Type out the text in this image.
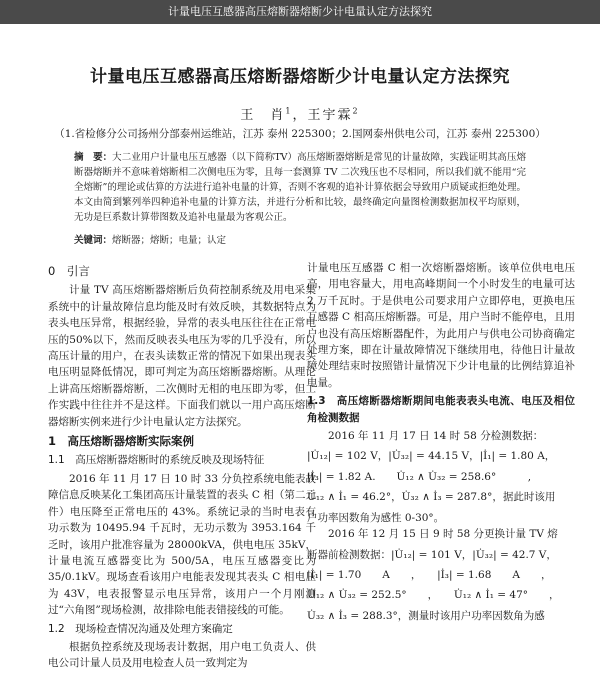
计量电压互感器高压熔断器熔断少计电量认定方法探究
计量电压互感器高压熔断器熔断少计电量认定方法探究
王　肖$^1$，王宇霖$^2$
（1.省检修分公司扬州分部泰州运维站，江苏 泰州 225300；2.国网泰州供电公司，江苏 泰州 225300）
摘　要：大二业用户计量电压互感器（以下简称TV）高压熔断器熔断是常见的计量故障，实践证明其高压熔断器熔断并不意味着熔断相二次侧电压为零，且每一套测算 TV 二次残压也不尽相同，所以我们就不能用“完全熔断”的理论或估算的方法进行追补电量的计算，否则不客观的追补计算依据会导致用户质疑或拒绝处理。本文由简到繁列举四种追补电量的计算方法，并进行分析和比较，最终确定向量图检测数据加权平均原则，无功是巨系数计算带图数及追补电量最为客观公正。
关键词：熔断器；熔断；电量；认定

0　引言

计量 TV 高压熔断器熔断后负荷控制系统及用电采集系统中的计量故障信息均能及时有效反映，其数据特点为表头电压异常，根据经验，异常的表头电压往往在正常电压的50%以下，然而反映表头电压为零的几乎没有，所以高压计量的用户，在表头读数正常的情况下如果出现表头电压明显降低情况，即可判定为高压熔断器熔断。从理论上讲高压熔断器熔断，二次侧时无相的电压即为零，但工作实践中往往并不是这样。下面我们就以一用户高压熔断器熔断实例来进行少计电量认定方法探究。

1　高压熔断器熔断实际案例

1.1　高压熔断器熔断时的系统反映及现场特征

2016 年 11 月 17 日 10 时 33 分负控系统电能表故障信息反映某化工集团高压计量装置的表头 C 相（第二元件）电压降至正常电压的 43%。系统记录的当时电表有功示数为 10495.94 千瓦时，无功示数为 3953.164 千乏时，该用户批准容量为 28000kVA，供电电压 35kV，计量电流互感器变比为 500/5A，电压互感器变比为 35/0.1kV。现场查看该用户电能表发现其表头 C 相电压为 43V，电表报警显示电压异常，该用户一个月刚测过“六角图”现场检测，故排除电能表错接线的可能。

1.2　现场检查情况沟通及处理方案确定

根据负控系统及现场表计数据，用户电工负责人、供电公司计量人员及用电检查人员一致判定为

计量电压互感器 C 相一次熔断器熔断。该单位供电电压高，用电容量大，用电高峰期间一个小时发生的电量可达 2 万千瓦时。于是供电公司要求用户立即停电，更换电压互感器 C 相高压熔断器。可是，用户当时不能停电，且用户也没有高压熔断器配件，为此用户与供电公司协商确定处理方案，即在计量故障情况下继续用电，待他日计量故障处理结束时按照错计量情况下少计电量的比例结算追补电量。

1.3　高压熔断器熔断期间电能表表头电流、电压及相位角检测数据

2016 年 11 月 17 日 14 时 58 分检测数据：

|U̇₁₂| = 102 V，|U̇₃₂| = 44.15 V，|İ₁| = 1.80 A，

|İ₃| = 1.82 A.　　U̇₁₂ ∧ U̇₃₂ = 258.6°　　　,

U̇₁₂ ∧ İ₁ = 46.2°，U̇₃₂ ∧ İ₃ = 287.8°，据此时该用

户功率因数角为感性 0-30°。

2016 年 12 月 15 日 9 时 58 分更换计量 TV 熔

断器前检测数据：|U̇₁₂| = 101 V，|U̇₃₂| = 42.7 V，

|İ₁| = 1.70　　A　　，　　|İ₃| = 1.68　　A　　，

U̇₁₂ ∧ U̇₃₂ = 252.5°　　，　　U̇₁₂ ∧ İ₁ = 47°　　，

U̇₃₂ ∧ İ₃ = 288.3°，测量时该用户功率因数角为感
